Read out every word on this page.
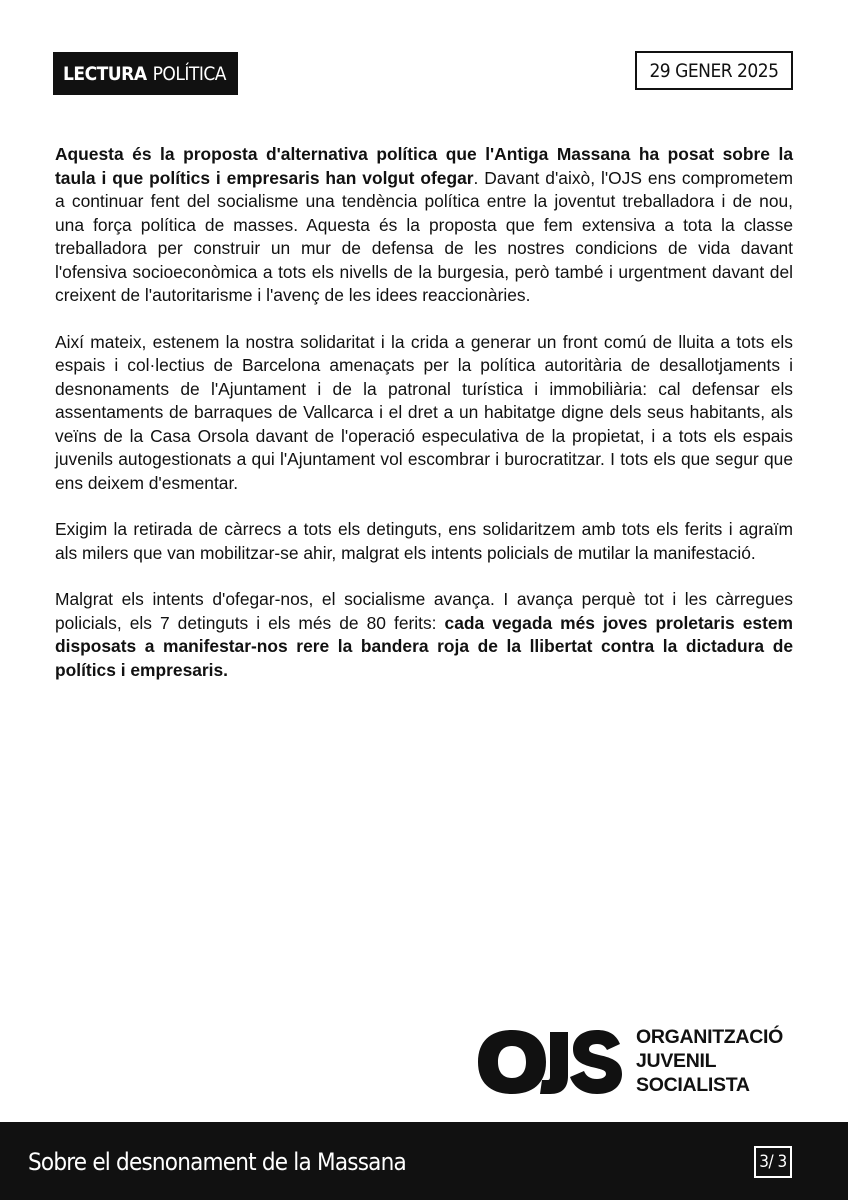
LECTURA POLÍTICA	29 GENER 2025

Aquesta és la proposta d'alternativa política que l'Antiga Massana ha posat sobre la taula i que polítics i empresaris han volgut ofegar. Davant d'això, l'OJS ens comprometem a continuar fent del socialisme una tendència política entre la joventut treballadora i de nou, una força política de masses. Aquesta és la proposta que fem extensiva a tota la classe treballadora per construir un mur de defensa de les nostres condicions de vida davant l'ofensiva socioeconòmica a tots els nivells de la burgesia, però també i urgentment davant del creixent de l'autoritarisme i l'avenç de les idees reaccionàries.

Així mateix, estenem la nostra solidaritat i la crida a generar un front comú de lluita a tots els espais i col·lectius de Barcelona amenaçats per la política autoritària de desallotjaments i desnonaments de l'Ajuntament i de la patronal turística i immobiliària: cal defensar els assentaments de barraques de Vallcarca i el dret a un habitatge digne dels seus habitants, als veïns de la Casa Orsola davant de l'operació especulativa de la propietat, i a tots els espais juvenils autogestionats a qui l'Ajuntament vol escombrar i burocratitzar. I tots els que segur que ens deixem d'esmentar.

Exigim la retirada de càrrecs a tots els detinguts, ens solidaritzem amb tots els ferits i agraïm als milers que van mobilitzar-se ahir, malgrat els intents policials de mutilar la manifestació.

Malgrat els intents d'ofegar-nos, el socialisme avança. I avança perquè tot i les càrregues policials, els 7 detinguts i els més de 80 ferits: cada vegada més joves proletaris estem disposats a manifestar-nos rere la bandera roja de la llibertat contra la dictadura de polítics i empresaris.

ORGANITZACIÓ
JUVENIL
SOCIALISTA
Sobre el desnonament de la Massana	3/ 3
